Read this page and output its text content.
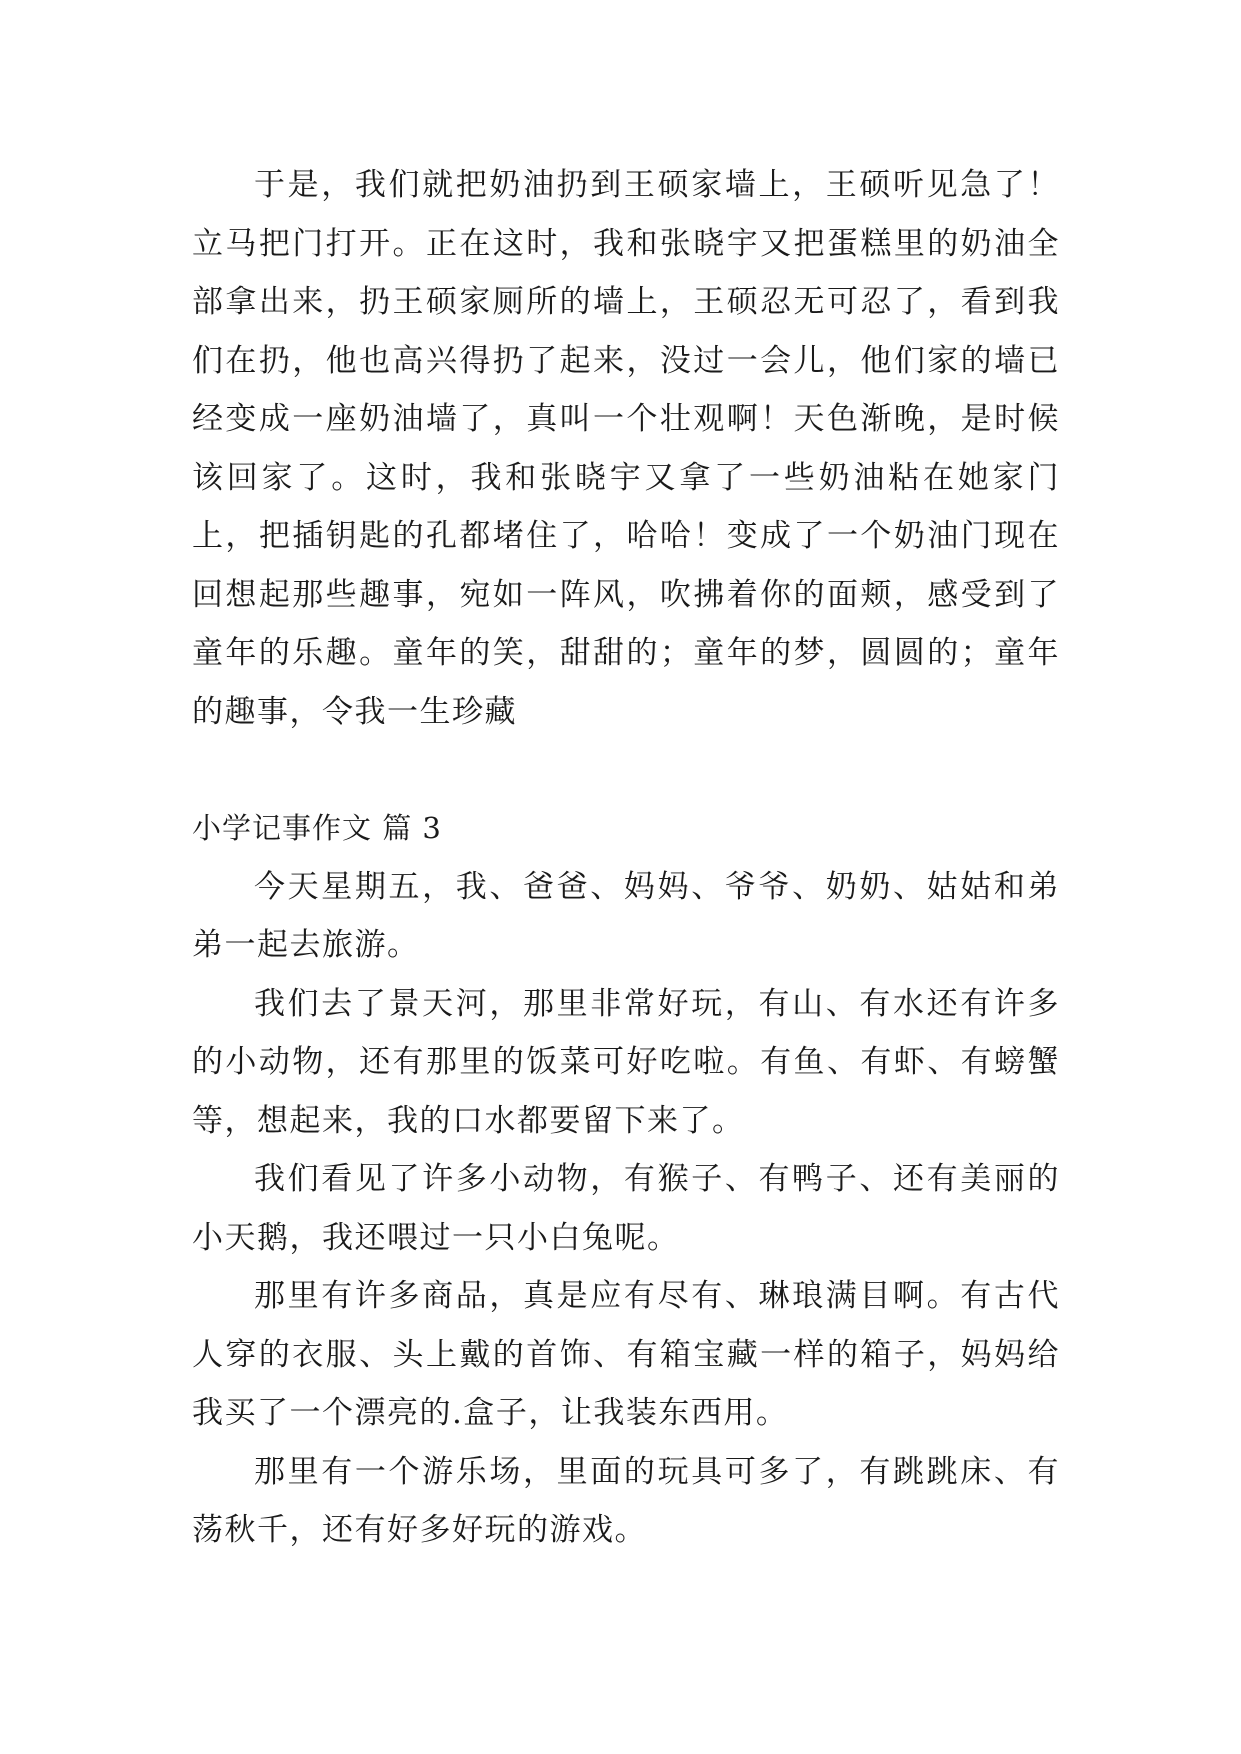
于是，我们就把奶油扔到王硕家墙上，王硕听见急了！立马把门打开。正在这时，我和张晓宇又把蛋糕里的奶油全部拿出来，扔王硕家厕所的墙上，王硕忍无可忍了，看到我们在扔，他也高兴得扔了起来，没过一会儿，他们家的墙已经变成一座奶油墙了，真叫一个壮观啊！天色渐晚，是时候该回家了。这时，我和张晓宇又拿了一些奶油粘在她家门上，把插钥匙的孔都堵住了，哈哈！变成了一个奶油门现在回想起那些趣事，宛如一阵风，吹拂着你的面颊，感受到了童年的乐趣。童年的笑，甜甜的；童年的梦，圆圆的；童年的趣事，令我一生珍藏

小学记事作文 篇 3

今天星期五，我、爸爸、妈妈、爷爷、奶奶、姑姑和弟弟一起去旅游。

我们去了景天河，那里非常好玩，有山、有水还有许多的小动物，还有那里的饭菜可好吃啦。有鱼、有虾、有螃蟹等，想起来，我的口水都要留下来了。

我们看见了许多小动物，有猴子、有鸭子、还有美丽的小天鹅，我还喂过一只小白兔呢。

那里有许多商品，真是应有尽有、琳琅满目啊。有古代人穿的衣服、头上戴的首饰、有箱宝藏一样的箱子，妈妈给我买了一个漂亮的.盒子，让我装东西用。

那里有一个游乐场，里面的玩具可多了，有跳跳床、有荡秋千，还有好多好玩的游戏。
